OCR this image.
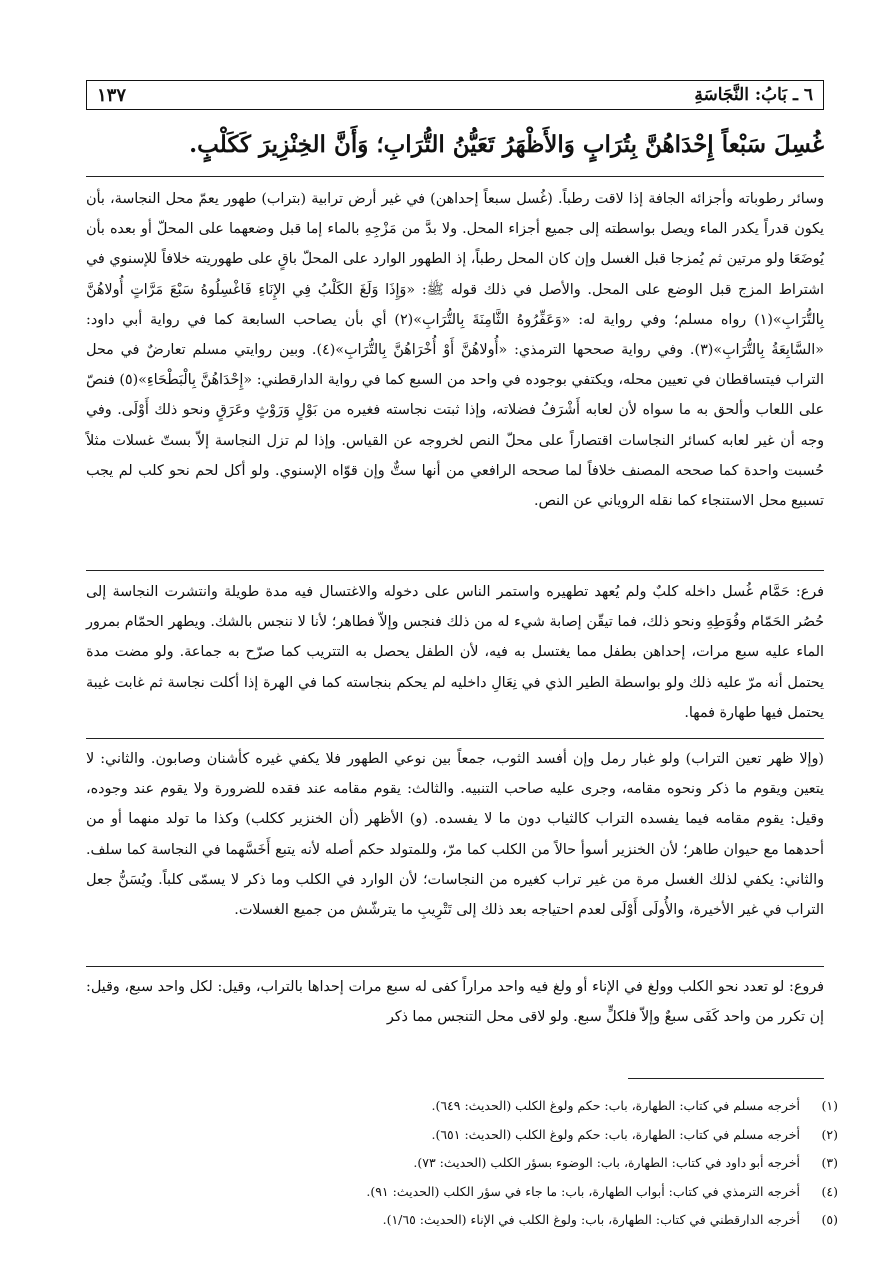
٦ ـ بَابُ: النَّجَاسَةِ
١٣٧
غُسِلَ سَبْعاً إِحْدَاهُنَّ بِتُرَابٍ وَالأَظْهَرُ تَعَيُّنُ التُّرَابِ؛ وَأَنَّ الخِنْزِيرَ كَكَلْبٍ.
وسائر رطوباته وأجزائه الجافة إذا لاقت رطباً. (غُسل سبعاً إحداهن) في غير أرض ترابية (بتراب) طهور يعمّ محل النجاسة، بأن يكون قدراً يكدر الماء ويصل بواسطته إلى جميع أجزاء المحل. ولا بدَّ من مَزْجِهِ بالماء إما قبل وضعهما على المحلّ أو بعده بأن يُوضَعَا ولو مرتين ثم يُمزجا قبل الغسل وإن كان المحل رطباً، إذ الطهور الوارد على المحلّ باقٍ على طهوريته خلافاً للإسنوي في اشتراط المزج قبل الوضع على المحل. والأصل في ذلك قوله ﷺ: «وَإِذَا وَلَغَ الكَلْبُ فِي الإِنَاءِ فَاغْسِلُوهُ سَبْعَ مَرَّاتٍ أُولاهُنَّ بِالتُّرَابِ»(١) رواه مسلم؛ وفي رواية له: «وَعَفِّرُوهُ الثَّامِنَةَ بِالتُّرَابِ»(٢) أي بأن يصاحب السابعة كما في رواية أبي داود: «السَّابِعَةُ بِالتُّرَابِ»(٣). وفي رواية صححها الترمذي: «أُولاهُنَّ أَوْ أُخْرَاهُنَّ بِالتُّرَابِ»(٤). وبين روايتي مسلم تعارضٌ في محل التراب فيتساقطان في تعيين محله، ويكتفي بوجوده في واحد من السبع كما في رواية الدارقطني: «إِحْدَاهُنَّ بِالْبَطْحَاءِ»(٥) فنصّ على اللعاب وألحق به ما سواه لأن لعابه أَشْرَفُ فضلاته، وإذا ثبتت نجاسته فغيره من بَوْلٍ وَرَوْثٍ وعَرَقٍ ونحو ذلك أَوْلَى. وفي وجه أن غير لعابه كسائر النجاسات اقتصاراً على محلّ النص لخروجه عن القياس. وإذا لم تزل النجاسة إلاّ بستّ غسلات مثلاً حُسبت واحدة كما صححه المصنف خلافاً لما صححه الرافعي من أنها ستٌّ وإن قوّاه الإسنوي. ولو أكل لحم نحو كلب لم يجب تسبيع محل الاستنجاء كما نقله الروياني عن النص.
فرع: حَمَّام غُسل داخله كلبٌ ولم يُعهد تطهيره واستمر الناس على دخوله والاغتسال فيه مدة طويلة وانتشرت النجاسة إلى حُصُر الحَمّام وفُوَطِهِ ونحو ذلك، فما تيقّن إصابة شيء له من ذلك فنجس وإلاّ فطاهر؛ لأنا لا ننجس بالشك. ويطهر الحمّام بمرور الماء عليه سبع مرات، إحداهن بطفل مما يغتسل به فيه، لأن الطفل يحصل به التتريب كما صرّح به جماعة. ولو مضت مدة يحتمل أنه مرّ عليه ذلك ولو بواسطة الطير الذي في نِعَالِ داخليه لم يحكم بنجاسته كما في الهرة إذا أكلت نجاسة ثم غابت غيبة يحتمل فيها طهارة فمها.
(وإلا ظهر تعين التراب) ولو غبار رمل وإن أفسد الثوب، جمعاً بين نوعي الطهور فلا يكفي غيره كأشنان وصابون. والثاني: لا يتعين ويقوم ما ذكر ونحوه مقامه، وجرى عليه صاحب التنبيه. والثالث: يقوم مقامه عند فقده للضرورة ولا يقوم عند وجوده، وقيل: يقوم مقامه فيما يفسده التراب كالثياب دون ما لا يفسده. (و) الأظهر (أن الخنزير ككلب) وكذا ما تولد منهما أو من أحدهما مع حيوان طاهر؛ لأن الخنزير أسوأ حالاً من الكلب كما مرّ، وللمتولد حكم أصله لأنه يتبع أَخَسَّهما في النجاسة كما سلف. والثاني: يكفي لذلك الغسل مرة من غير تراب كغيره من النجاسات؛ لأن الوارد في الكلب وما ذكر لا يسمّى كلباً. ويُسَنُّ جعل التراب في غير الأخيرة، والأُولَى أَوْلَى لعدم احتياجه بعد ذلك إلى تَتْرِيبِ ما يترشّش من جميع الغسلات.
فروع: لو تعدد نحو الكلب وولغ في الإناء أو ولغ فيه واحد مراراً كفى له سبع مرات إحداها بالتراب، وقيل: لكل واحد سبع، وقيل: إن تكرر من واحد كَفَى سبعٌ وإلاّ فلكلٍّ سبع. ولو لاقى محل التنجس مما ذكر
(١) أخرجه مسلم في كتاب: الطهارة، باب: حكم ولوغ الكلب (الحديث: ٦٤٩).
(٢) أخرجه مسلم في كتاب: الطهارة، باب: حكم ولوغ الكلب (الحديث: ٦٥١).
(٣) أخرجه أبو داود في كتاب: الطهارة، باب: الوضوء بسؤر الكلب (الحديث: ٧٣).
(٤) أخرجه الترمذي في كتاب: أبواب الطهارة، باب: ما جاء في سؤر الكلب (الحديث: ٩١).
(٥) أخرجه الدارقطني في كتاب: الطهارة، باب: ولوغ الكلب في الإناء (الحديث: ١/٦٥).
